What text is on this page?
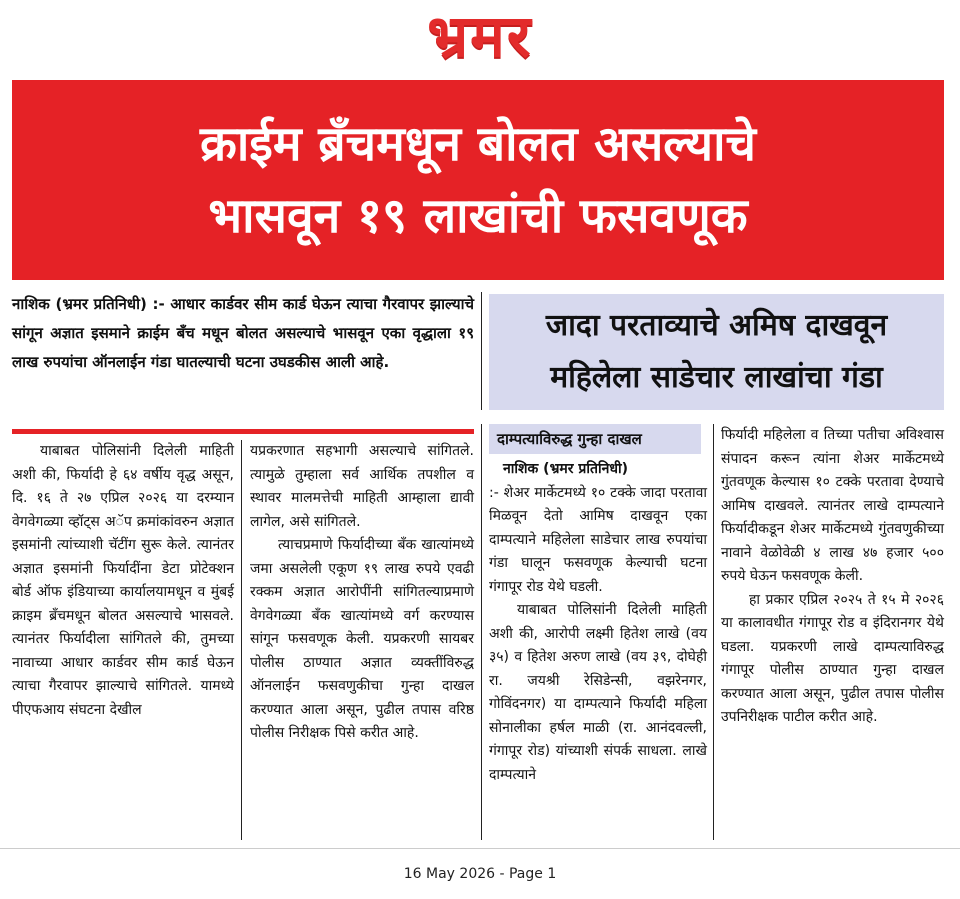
भ्रमर
क्राईम ब्रँचमधून बोलत असल्याचे
भासवून १९ लाखांची फसवणूक
नाशिक (भ्रमर प्रतिनिधी) :- आधार कार्डवर सीम कार्ड घेऊन त्याचा गैरवापर झाल्याचे सांगून अज्ञात इसमाने क्राईम बँच मधून बोलत असल्याचे भासवून एका वृद्धाला १९ लाख रुपयांचा ऑनलाईन गंडा घातल्याची घटना उघडकीस आली आहे.

याबाबत पोलिसांनी दिलेली माहिती अशी की, फिर्यादी हे ६४ वर्षीय वृद्ध असून, दि. १६ ते २७ एप्रिल २०२६ या दरम्यान वेगवेगळ्या व्हॉट्स अॅप क्रमांकांवरुन अज्ञात इसमांनी त्यांच्याशी चॅटींग सुरू केले. त्यानंतर अज्ञात इसमांनी फिर्यादींना डेटा प्रोटेक्शन बोर्ड ऑफ इंडियाच्या कार्यालयामधून व मुंबई क्राइम ब्रँचमधून बोलत असल्याचे भासवले. त्यानंतर फिर्यादीला सांगितले की, तुमच्या नावाच्या आधार कार्डवर सीम कार्ड घेऊन त्याचा गैरवापर झाल्याचे सांगितले. यामध्ये पीएफआय संघटना देखील

यप्रकरणात सहभागी असल्याचे सांगितले. त्यामुळे तुम्हाला सर्व आर्थिक तपशील व स्थावर मालमत्तेची माहिती आम्हाला द्यावी लागेल, असे सांगितले.

त्याचप्रमाणे फिर्यादीच्या बँक खात्यांमध्ये जमा असलेली एकूण १९ लाख रुपये एवढी रक्कम अज्ञात आरोपींनी सांगितल्याप्रमाणे वेगवेगळ्या बँक खात्यांमध्ये वर्ग करण्यास सांगून फसवणूक केली. यप्रकरणी सायबर पोलीस ठाण्यात अज्ञात व्यक्तींविरुद्ध ऑनलाईन फसवणुकीचा गुन्हा दाखल करण्यात आला असून, पुढील तपास वरिष्ठ पोलीस निरीक्षक पिसे करीत आहे.

जादा परताव्याचे अमिष दाखवून
महिलेला साडेचार लाखांचा गंडा
दाम्पत्याविरुद्ध गुन्हा दाखल
नाशिक (भ्रमर प्रतिनिधी)

:- शेअर मार्केटमध्ये १० टक्के जादा परतावा मिळवून देतो आमिष दाखवून एका दाम्पत्याने महिलेला साडेचार लाख रुपयांचा गंडा घालून फसवणूक केल्याची घटना गंगापूर रोड येथे घडली.

याबाबत पोलिसांनी दिलेली माहिती अशी की, आरोपी लक्ष्मी हितेश लाखे (वय ३५) व हितेश अरुण लाखे (वय ३९, दोघेही रा. जयश्री रेसिडेन्सी, वझरेनगर, गोविंदनगर) या दाम्पत्याने फिर्यादी महिला सोनालीका हर्षल माळी (रा. आनंदवल्ली, गंगापूर रोड) यांच्याशी संपर्क साधला. लाखे दाम्पत्याने

फिर्यादी महिलेला व तिच्या पतीचा अविश्वास संपादन करून त्यांना शेअर मार्केटमध्ये गुंतवणूक केल्यास १० टक्के परतावा देण्याचे आमिष दाखवले. त्यानंतर लाखे दाम्पत्याने फिर्यादीकडून शेअर मार्केटमध्ये गुंतवणुकीच्या नावाने वेळोवेळी ४ लाख ४७ हजार ५०० रुपये घेऊन फसवणूक केली.

हा प्रकार एप्रिल २०२५ ते १५ मे २०२६ या कालावधीत गंगापूर रोड व इंदिरानगर येथे घडला. यप्रकरणी लाखे दाम्पत्याविरुद्ध गंगापूर पोलीस ठाण्यात गुन्हा दाखल करण्यात आला असून, पुढील तपास पोलीस उपनिरीक्षक पाटील करीत आहे.

16 May 2026 - Page 1
